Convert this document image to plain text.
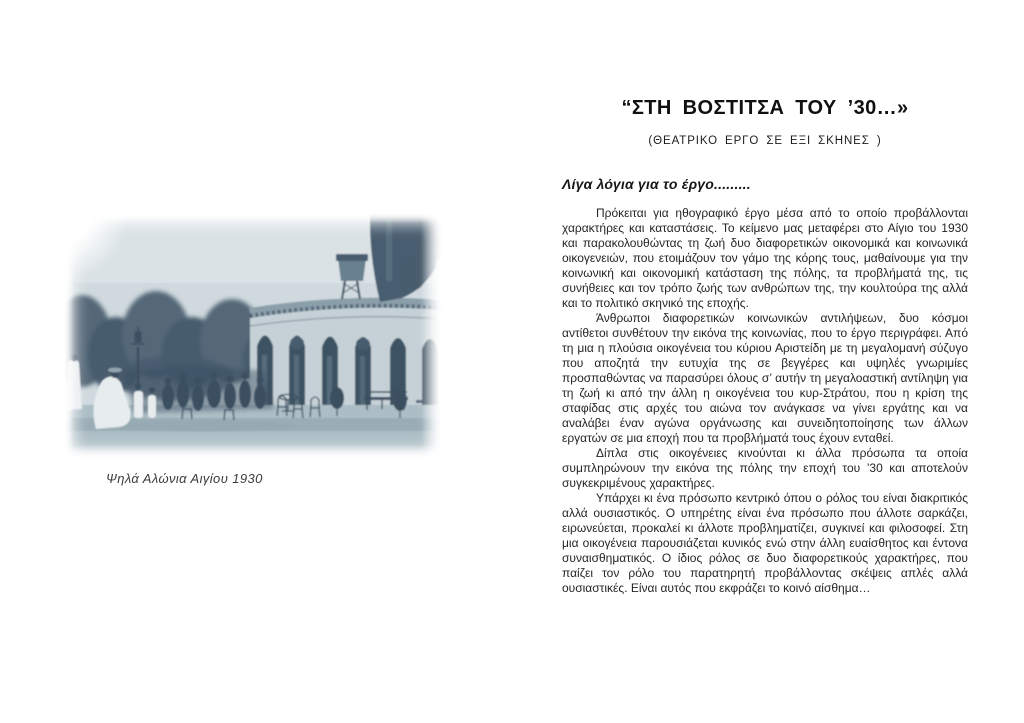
Ψηλά Αλώνια Αιγίου 1930
“ΣΤΗ ΒΟΣΤΙΤΣΑ ΤΟΥ ’30…»
(ΘΕΑΤΡΙΚΟ ΕΡΓΟ ΣΕ ΕΞΙ ΣΚΗΝΕΣ )
Λίγα λόγια για το έργο.........

Πρόκειται για ηθογραφικό έργο μέσα από το οποίο προβάλλονται χαρακτήρες και καταστάσεις. Το κείμενο μας μεταφέρει στο Αίγιο του 1930 και παρακολουθώντας τη ζωή δυο διαφορετικών οικονομικά και κοινωνικά οικογενειών, που ετοιμάζουν τον γάμο της κόρης τους, μαθαίνουμε για την κοινωνική και οικονομική κατάσταση της πόλης, τα προβλήματά της, τις συνήθειες και τον τρόπο ζωής των ανθρώπων της, την κουλτούρα της αλλά και το πολιτικό σκηνικό της εποχής.

Άνθρωποι διαφορετικών κοινωνικών αντιλήψεων, δυο κόσμοι αντίθετοι συνθέτουν την εικόνα της κοινωνίας, που το έργο περιγράφει. Από τη μια η πλούσια οικογένεια του κύριου Αριστείδη με τη μεγαλομανή σύζυγο που αποζητά την ευτυχία της σε βεγγέρες και υψηλές γνωριμίες προσπαθώντας να παρασύρει όλους σ’ αυτήν τη μεγαλοαστική αντίληψη για τη ζωή κι από την άλλη η οικογένεια του κυρ-Στράτου, που η κρίση της σταφίδας στις αρχές του αιώνα τον ανάγκασε να γίνει εργάτης και να αναλάβει έναν αγώνα οργάνωσης και συνειδητοποίησης των άλλων εργατών σε μια εποχή που τα προβλήματά τους έχουν ενταθεί.

Δίπλα στις οικογένειες κινούνται κι άλλα πρόσωπα τα οποία συμπληρώνουν την εικόνα της πόλης την εποχή του ’30 και αποτελούν συγκεκριμένους χαρακτήρες.

Υπάρχει κι ένα πρόσωπο κεντρικό όπου ο ρόλος του είναι διακριτικός αλλά ουσιαστικός. Ο υπηρέτης είναι ένα πρόσωπο που άλλοτε σαρκάζει, ειρωνεύεται, προκαλεί κι άλλοτε προβληματίζει, συγκινεί και φιλοσοφεί. Στη μια οικογένεια παρουσιάζεται κυνικός ενώ στην άλλη ευαίσθητος και έντονα συναισθηματικός. Ο ίδιος ρόλος σε δυο διαφορετικούς χαρακτήρες, που παίζει τον ρόλο του παρατηρητή προβάλλοντας σκέψεις απλές αλλά ουσιαστικές. Είναι αυτός που εκφράζει το κοινό αίσθημα…
